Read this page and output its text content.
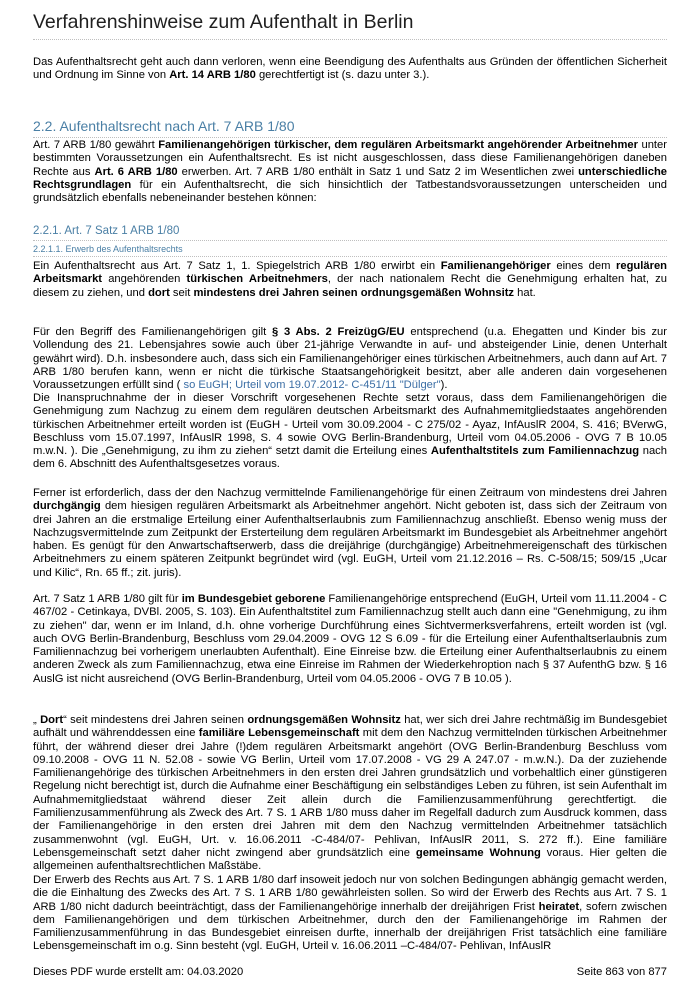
Verfahrenshinweise zum Aufenthalt in Berlin

Das Aufenthaltsrecht geht auch dann verloren, wenn eine Beendigung des Aufenthalts aus Gründen der öffentlichen Sicherheit und Ordnung im Sinne von Art. 14 ARB 1/80 gerechtfertigt ist (s. dazu unter 3.).

2.2. Aufenthaltsrecht nach Art. 7 ARB 1/80

Art. 7 ARB 1/80 gewährt Familienangehörigen türkischer, dem regulären Arbeitsmarkt angehörender Arbeitnehmer unter bestimmten Voraussetzungen ein Aufenthaltsrecht. Es ist nicht ausgeschlossen, dass diese Familienangehörigen daneben Rechte aus Art. 6 ARB 1/80 erwerben. Art. 7 ARB 1/80 enthält in Satz 1 und Satz 2 im Wesentlichen zwei unterschiedliche Rechtsgrundlagen für ein Aufenthaltsrecht, die sich hinsichtlich der Tatbestandsvoraussetzungen unterscheiden und grundsätzlich ebenfalls nebeneinander bestehen können:

2.2.1. Art. 7 Satz 1 ARB 1/80
2.2.1.1. Erwerb des Aufenthaltsrechts

Ein Aufenthaltsrecht aus Art. 7 Satz 1, 1. Spiegelstrich ARB 1/80 erwirbt ein Familienangehöriger eines dem regulären Arbeitsmarkt angehörenden türkischen Arbeitnehmers, der nach nationalem Recht die Genehmigung erhalten hat, zu diesem zu ziehen, und dort seit mindestens drei Jahren seinen ordnungsgemäßen Wohnsitz hat.

Für den Begriff des Familienangehörigen gilt § 3 Abs. 2 FreizügG/EU entsprechend (u.a. Ehegatten und Kinder bis zur Vollendung des 21. Lebensjahres sowie auch über 21-jährige Verwandte in auf- und absteigender Linie, denen Unterhalt gewährt wird). D.h. insbesondere auch, dass sich ein Familienangehöriger eines türkischen Arbeitnehmers, auch dann auf Art. 7 ARB 1/80 berufen kann, wenn er nicht die türkische Staatsangehörigkeit besitzt, aber alle anderen dain vorgesehenen Voraussetzungen erfüllt sind ( so EuGH; Urteil vom 19.07.2012- C-451/11 "Dülger").

Die Inanspruchnahme der in dieser Vorschrift vorgesehenen Rechte setzt voraus, dass dem Familienangehörigen die Genehmigung zum Nachzug zu einem dem regulären deutschen Arbeitsmarkt des Aufnahmemitgliedstaates angehörenden türkischen Arbeitnehmer erteilt worden ist (EuGH - Urteil vom 30.09.2004 - C 275/02 - Ayaz, InfAuslR 2004, S. 416; BVerwG, Beschluss vom 15.07.1997, InfAuslR 1998, S. 4 sowie OVG Berlin-Brandenburg, Urteil vom 04.05.2006 - OVG 7 B 10.05 m.w.N. ). Die „Genehmigung, zu ihm zu ziehen“ setzt damit die Erteilung eines Aufenthaltstitels zum Familiennachzug nach dem 6. Abschnitt des Aufenthaltsgesetzes voraus.

Ferner ist erforderlich, dass der den Nachzug vermittelnde Familienangehörige für einen Zeitraum von mindestens drei Jahren durchgängig dem hiesigen regulären Arbeitsmarkt als Arbeitnehmer angehört. Nicht geboten ist, dass sich der Zeitraum von drei Jahren an die erstmalige Erteilung einer Aufenthaltserlaubnis zum Familiennachzug anschließt. Ebenso wenig muss der Nachzugsvermittelnde zum Zeitpunkt der Ersterteilung dem regulären Arbeitsmarkt im Bundesgebiet als Arbeitnehmer angehört haben. Es genügt für den Anwartschaftserwerb, dass die dreijährige (durchgängige) Arbeitnehmereigenschaft des türkischen Arbeitnehmers zu einem späteren Zeitpunkt begründet wird (vgl. EuGH, Urteil vom 21.12.2016 – Rs. C-508/15; 509/15 „Ucar und Kilic“, Rn. 65 ff.; zit. juris).

Art. 7 Satz 1 ARB 1/80 gilt für im Bundesgebiet geborene Familienangehörige entsprechend (EuGH, Urteil vom 11.11.2004 - C 467/02 - Cetinkaya, DVBl. 2005, S. 103). Ein Aufenthaltstitel zum Familiennachzug stellt auch dann eine "Genehmigung, zu ihm zu ziehen" dar, wenn er im Inland, d.h. ohne vorherige Durchführung eines Sichtvermerksverfahrens, erteilt worden ist (vgl. auch OVG Berlin-Brandenburg, Beschluss vom 29.04.2009 - OVG 12 S 6.09 - für die Erteilung einer Aufenthaltserlaubnis zum Familiennachzug bei vorherigem unerlaubten Aufenthalt). Eine Einreise bzw. die Erteilung einer Aufenthaltserlaubnis zu einem anderen Zweck als zum Familiennachzug, etwa eine Einreise im Rahmen der Wiederkehroption nach § 37 AufenthG bzw. § 16 AuslG ist nicht ausreichend (OVG Berlin-Brandenburg, Urteil vom 04.05.2006 - OVG 7 B 10.05 ).

„ Dort“ seit mindestens drei Jahren seinen ordnungsgemäßen Wohnsitz hat, wer sich drei Jahre rechtmäßig im Bundesgebiet aufhält und währenddessen eine familiäre Lebensgemeinschaft mit dem den Nachzug vermittelnden türkischen Arbeitnehmer führt, der während dieser drei Jahre (!)dem regulären Arbeitsmarkt angehört (OVG Berlin-Brandenburg Beschluss vom 09.10.2008 - OVG 11 N. 52.08 - sowie VG Berlin, Urteil vom 17.07.2008 - VG 29 A 247.07 - m.w.N.). Da der zuziehende Familienangehörige des türkischen Arbeitnehmers in den ersten drei Jahren grundsätzlich und vorbehaltlich einer günstigeren Regelung nicht berechtigt ist, durch die Aufnahme einer Beschäftigung ein selbständiges Leben zu führen, ist sein Aufenthalt im Aufnahmemitgliedstaat während dieser Zeit allein durch die Familienzusammenführung gerechtfertigt. die Familienzusammenführung als Zweck des Art. 7 S. 1 ARB 1/80 muss daher im Regelfall dadurch zum Ausdruck kommen, dass der Familienangehörige in den ersten drei Jahren mit dem den Nachzug vermittelnden Arbeitnehmer tatsächlich zusammenwohnt (vgl. EuGH, Urt. v. 16.06.2011 -C-484/07- Pehlivan, InfAuslR 2011, S. 272 ff.). Eine familiäre Lebensgemeinschaft setzt daher nicht zwingend aber grundsätzlich eine gemeinsame Wohnung voraus. Hier gelten die allgemeinen aufenthaltsrechtlichen Maßstäbe.

Der Erwerb des Rechts aus Art. 7 S. 1 ARB 1/80 darf insoweit jedoch nur von solchen Bedingungen abhängig gemacht werden, die die Einhaltung des Zwecks des Art. 7 S. 1 ARB 1/80 gewährleisten sollen. So wird der Erwerb des Rechts aus Art. 7 S. 1 ARB 1/80 nicht dadurch beeinträchtigt, dass der Familienangehörige innerhalb der dreijährigen Frist heiratet, sofern zwischen dem Familienangehörigen und dem türkischen Arbeitnehmer, durch den der Familienangehörige im Rahmen der Familienzusammenführung in das Bundesgebiet einreisen durfte, innerhalb der dreijährigen Frist tatsächlich eine familiäre Lebensgemeinschaft im o.g. Sinn besteht (vgl. EuGH, Urteil v. 16.06.2011 –C-484/07- Pehlivan, InfAuslR

Dieses PDF wurde erstellt am: 04.03.2020	Seite 863 von 877
